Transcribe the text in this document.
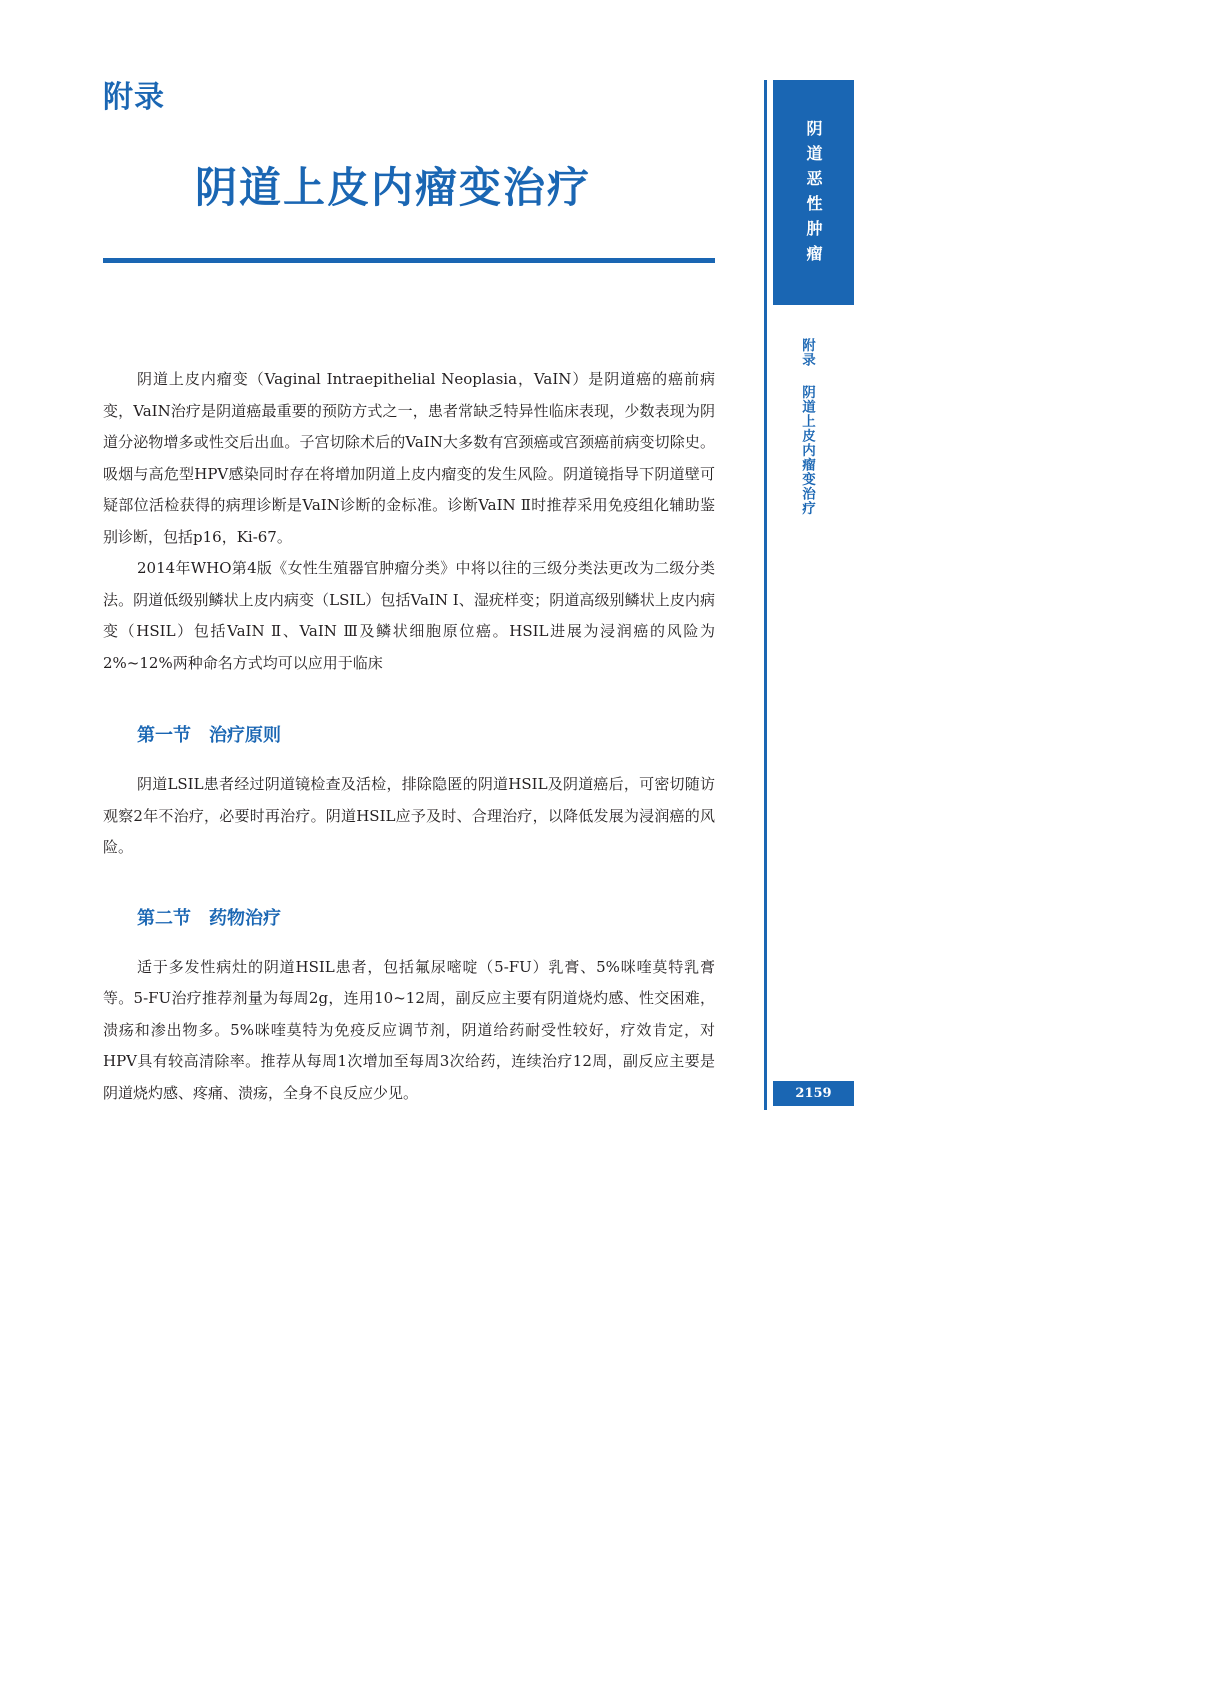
附录
阴道上皮内瘤变治疗	阴道恶性肿瘤
附录
阴道上皮内瘤变治疗
2159

阴道上皮内瘤变（Vaginal Intraepithelial Neoplasia，VaIN）是阴道癌的癌前病变，VaIN治疗是阴道癌最重要的预防方式之一，患者常缺乏特异性临床表现，少数表现为阴道分泌物增多或性交后出血。子宫切除术后的VaIN大多数有宫颈癌或宫颈癌前病变切除史。吸烟与高危型HPV感染同时存在将增加阴道上皮内瘤变的发生风险。阴道镜指导下阴道壁可疑部位活检获得的病理诊断是VaIN诊断的金标准。诊断VaIN Ⅱ时推荐采用免疫组化辅助鉴别诊断，包括p16，Ki-67。

2014年WHO第4版《女性生殖器官肿瘤分类》中将以往的三级分类法更改为二级分类法。阴道低级别鳞状上皮内病变（LSIL）包括VaIN Ⅰ、湿疣样变；阴道高级别鳞状上皮内病变（HSIL）包括VaIN Ⅱ、VaIN Ⅲ及鳞状细胞原位癌。HSIL进展为浸润癌的风险为2%~12%两种命名方式均可以应用于临床

第一节　治疗原则

阴道LSIL患者经过阴道镜检查及活检，排除隐匿的阴道HSIL及阴道癌后，可密切随访观察2年不治疗，必要时再治疗。阴道HSIL应予及时、合理治疗，以降低发展为浸润癌的风险。

第二节　药物治疗

适于多发性病灶的阴道HSIL患者，包括氟尿嘧啶（5-FU）乳膏、5%咪喹莫特乳膏等。5-FU治疗推荐剂量为每周2g，连用10~12周，副反应主要有阴道烧灼感、性交困难，溃疡和渗出物多。5%咪喹莫特为免疫反应调节剂，阴道给药耐受性较好，疗效肯定，对HPV具有较高清除率。推荐从每周1次增加至每周3次给药，连续治疗12周，副反应主要是阴道烧灼感、疼痛、溃疡，全身不良反应少见。
